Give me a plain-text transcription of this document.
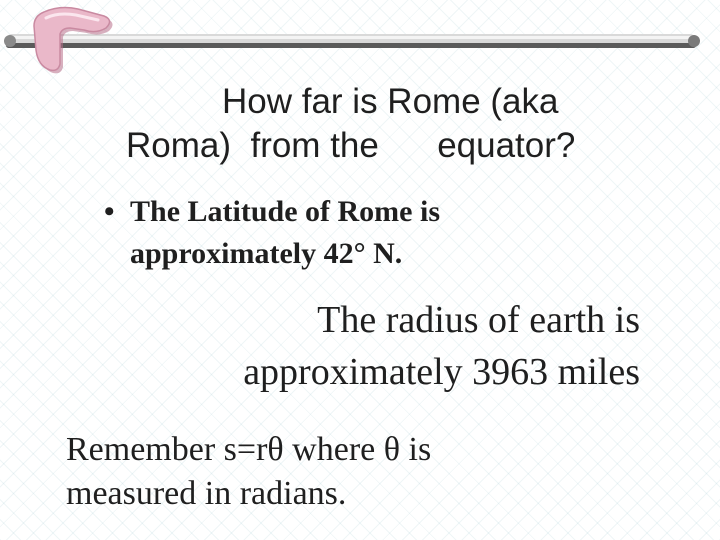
How far is Rome (aka
Roma)  from the      equator?
• The Latitude of Rome is
approximately 42° N.
The radius of earth is
approximately 3963 miles
Remember s=rθ where θ is
measured in radians.
